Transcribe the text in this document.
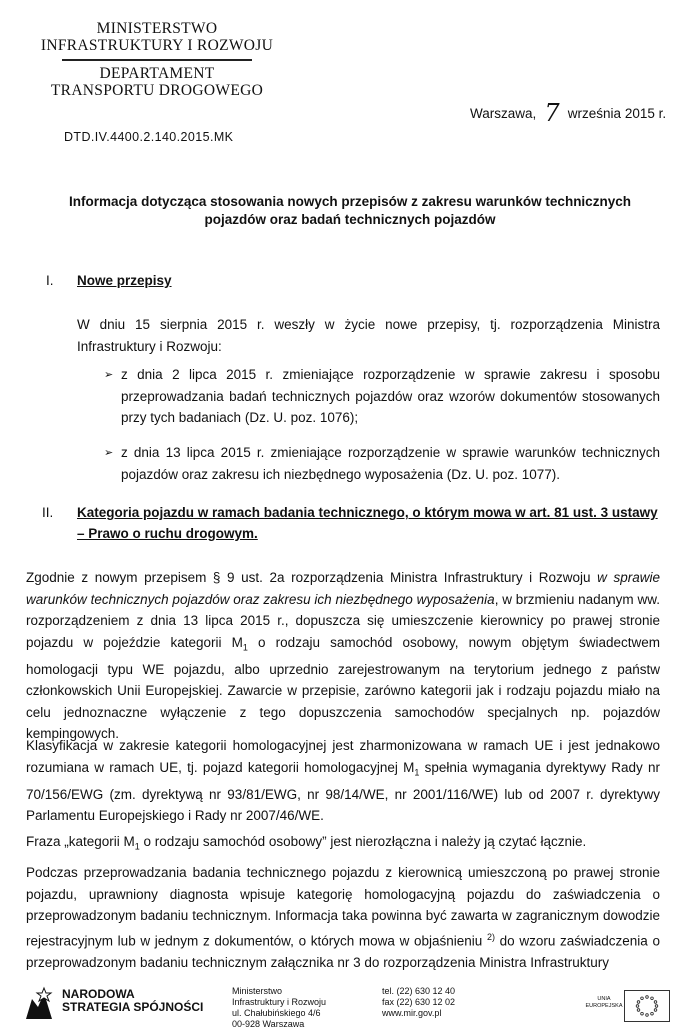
MINISTERSTWO
INFRASTRUKTURY I ROZWOJU
DEPARTAMENT
TRANSPORTU DROGOWEGO
Warszawa, 7 września 2015 r.
DTD.IV.4400.2.140.2015.MK
Informacja dotycząca stosowania nowych przepisów z zakresu warunków technicznych
pojazdów oraz badań technicznych pojazdów
I. Nowe przepisy
W dniu 15 sierpnia 2015 r. weszły w życie nowe przepisy, tj. rozporządzenia Ministra Infrastruktury i Rozwoju:
➢ z dnia 2 lipca 2015 r. zmieniające rozporządzenie w sprawie zakresu i sposobu przeprowadzania badań technicznych pojazdów oraz wzorów dokumentów stosowanych przy tych badaniach (Dz. U. poz. 1076);
➢ z dnia 13 lipca 2015 r. zmieniające rozporządzenie w sprawie warunków technicznych pojazdów oraz zakresu ich niezbędnego wyposażenia (Dz. U. poz. 1077).
II. Kategoria pojazdu w ramach badania technicznego, o którym mowa w art. 81 ust. 3 ustawy – Prawo o ruchu drogowym.
Zgodnie z nowym przepisem § 9 ust. 2a rozporządzenia Ministra Infrastruktury i Rozwoju w sprawie warunków technicznych pojazdów oraz zakresu ich niezbędnego wyposażenia, w brzmieniu nadanym ww. rozporządzeniem z dnia 13 lipca 2015 r., dopuszcza się umieszczenie kierownicy po prawej stronie pojazdu w pojeździe kategorii $M_1$ o rodzaju samochód osobowy, nowym objętym świadectwem homologacji typu WE pojazdu, albo uprzednio zarejestrowanym na terytorium jednego z państw członkowskich Unii Europejskiej. Zawarcie w przepisie, zarówno kategorii jak i rodzaju pojazdu miało na celu jednoznaczne wyłączenie z tego dopuszczenia samochodów specjalnych np. pojazdów kempingowych.
Klasyfikacja w zakresie kategorii homologacyjnej jest zharmonizowana w ramach UE i jest jednakowo rozumiana w ramach UE, tj. pojazd kategorii homologacyjnej $M_1$ spełnia wymagania dyrektywy Rady nr 70/156/EWG (zm. dyrektywą nr 93/81/EWG, nr 98/14/WE, nr 2001/116/WE) lub od 2007 r. dyrektywy Parlamentu Europejskiego i Rady nr 2007/46/WE.
Fraza „kategorii $M_1$ o rodzaju samochód osobowy” jest nierozłączna i należy ją czytać łącznie.
Podczas przeprowadzania badania technicznego pojazdu z kierownicą umieszczoną po prawej stronie pojazdu, uprawniony diagnosta wpisuje kategorię homologacyjną pojazdu do zaświadczenia o przeprowadzonym badaniu technicznym. Informacja taka powinna być zawarta w zagranicznym dowodzie rejestracyjnym lub w jednym z dokumentów, o których mowa w objaśnieniu $^{2)}$ do wzoru zaświadczenia o przeprowadzonym badaniu technicznym załącznika nr 3 do rozporządzenia Ministra Infrastruktury
NARODOWA
STRATEGIA SPÓJNOŚCI
Ministerstwo
Infrastruktury i Rozwoju
ul. Chałubińskiego 4/6
00-928 Warszawa
tel. (22) 630 12 40
fax (22) 630 12 02
www.mir.gov.pl
UNIA
EUROPEJSKA
